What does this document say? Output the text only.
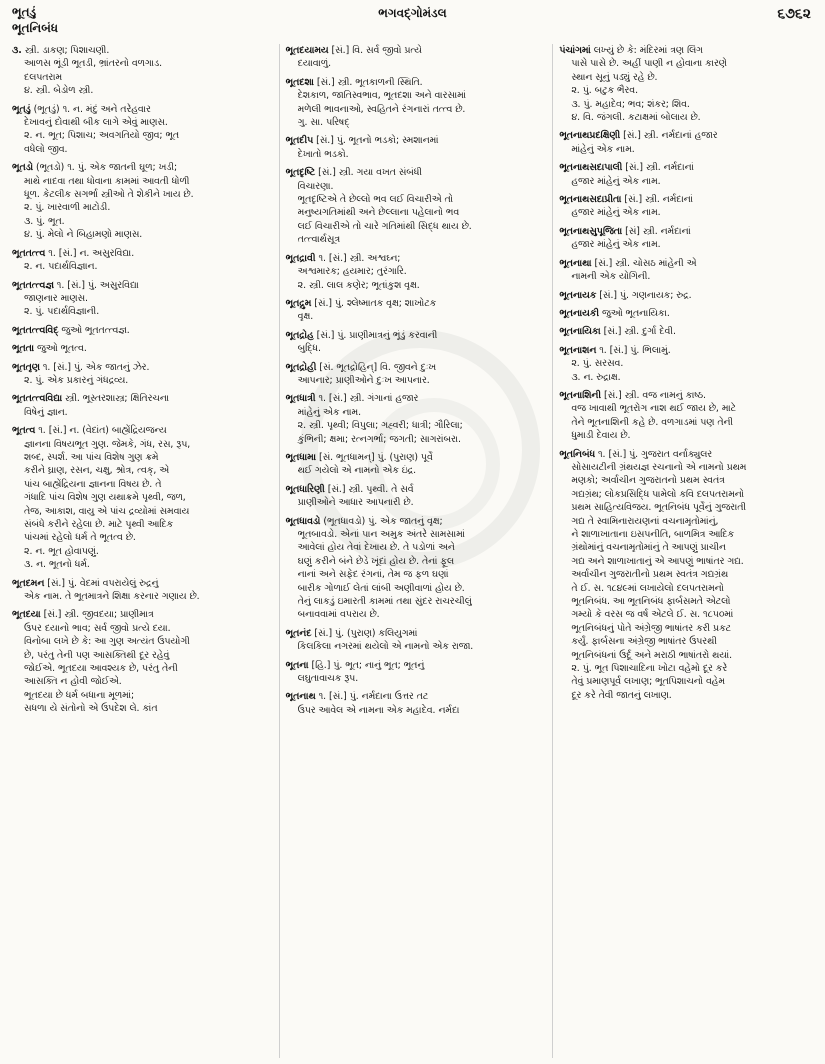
ભૂતડું
ભૂતનિબંધ
ભગવદ્ગોમંડલ	૬૭૬૨
૩. સ્ત્રી. ડાકણ; પિશાચણી.
આળસ ભૂંડી ભૂતડી, ભ્રાંતરનો વળગાડ.
દલપતરામ
૪. સ્ત્રી. બેડોળ સ્ત્રી.
ભૂતડું (ભૂતડું) ૧. ન. મંદું અને તરેહવાર
દેખાવનું દોવાથી બીક લાગે એવું માણસ.
૨. ન. ભૂત; પિશાચ; અવગતિયો જીવ; ભૂત
વધેલો જીવ.
ભૂતડો (ભૂતડો) ૧. પું. એક જાતની ઘૂળ; ખડી;
માથે નાદવા તથા ધોવાના કામમાં આવતી ધોળી
ધૂળ. કેટલીક સગર્ભા સ્ત્રીઓ તે શેકીને ખાય છે.
૨. પું. ખારવાળી માટોડી.
૩. પું. ભૂત.
૪. પું. મેલો ને બિહામણો માણસ.
ભૂતતત્ત્વ ૧. [સં.] ન. અસુરવિદ્યા.
૨. ન. પદાર્થવિજ્ઞાન.
ભૂતતત્ત્વજ્ઞ ૧. [સં.] પું. અસુરવિદ્યા
જાણનાર માણસ.
૨. પું. પદાર્થવિજ્ઞાની.
ભૂતતત્ત્વવિદ્ જુઓ ભૂતતત્ત્વજ્ઞ.
ભૂતતા જુઓ ભૂતત્વ.
ભૂતતૃણ ૧. [સં.] પું. એક જાતનું ઝેર.
૨. પું. એક પ્રકારનું ગંધદ્રવ્ય.
ભૂતતત્ત્વવિદ્યા સ્ત્રી. ભૂસ્તરશાસ્ત્ર; ક્ષિતિરચના
વિષેનું જ્ઞાન.
ભૂતત્વ ૧. [સં.] ન. (વેદાંત) બાહ્યેંદ્રિયજન્ય
જ્ઞાનના વિષયભૂત ગુણ. જેમકે, ગંધ, રસ, રૂપ,
શબ્દ, સ્પર્શ. આ પાંચ વિશેષ ગુણ ક્રમે
કરીને ઘ્રાણ, રસન, ચક્ષુ, શ્રોત્ર, ત્વક્, એ
પાંચ બાહ્યેંદ્રિયના જ્ઞાનના વિષય છે. તે
ગંધાદિ પાંચ વિશેષ ગુણ યથાક્રમે પૃથ્વી, જળ,
તેજ, આકાશ, વાયુ એ પાંચ દ્રવ્યોમાં સમવાય
સંબંધે કરીને રહેલા છે. માટે પૃથ્વી આદિક
પાંચમાં રહેલો ધર્મ તે ભૂતત્વ છે.
૨. ન. ભૂત હોવાપણું.
૩. ન. ભૂતનો ધર્મ.
ભૂતદમન [સં.] પું. વેદમાં વપરાયેલું રુદ્રનું
એક નામ. તે ભૂતમાત્રને શિક્ષા કરનાર ગણાય છે.
ભૂતદયા [સં.] સ્ત્રી. જીવદયા; પ્રાણીમાત્ર
ઉપર દયાનો ભાવ; સર્વ જીવો પ્રત્યે દયા.
વિનોબા લખે છે કે: આ ગુણ અત્યંત ઉપયોગી
છે, પરંતુ તેની પણ આસક્તિથી દૂર રહેવું
જોઈએ. ભૂતદયા આવશ્યક છે, પરંતુ તેની
આસક્તિ ન હોવી જોઈએ.
ભૂતદયા છે ધર્મ બધાના મૂળમાં;
સધળા યે સંતોનો એ ઉપદેશ લે. કાંત
ભૂતદયામય [સં.] વિ. સર્વ જીવો પ્રત્યે
દયાવાળું.
ભૂતદશા [સં.] સ્ત્રી. ભૂતકાળની સ્થિતિ.
દેશકાળ, જાતિસ્વભાવ, ભૂતદશા અને વારસામાં
મળેલી ભાવનાઓ, સ્વહિતને રંગનારાં તત્ત્વ છે.
ગુ. સા. પરિષદ્
ભૂતદીપ [સં.] પું. ભૂતનો ભડકો; સ્મશાનમાં
દેખાતો ભડકો.
ભૂતદૃષ્ટિ [સં.] સ્ત્રી. ગયા વખત સંબંધી
વિચારણા.
ભૂતદૃષ્ટિએ તે છેલ્લો ભવ લઈ વિચારીએ તો
મનુષ્યગતિમાંથી અને છેલ્લાના પહેલાનો ભવ
લઈ વિચારીએ તો ચારે ગતિમાંથી સિદ્ધ થાય છે.
તત્ત્વાર્થસૂત્ર
ભૂતદ્રાવી ૧. [સં.] સ્ત્રી. અશ્વઘ્ન;
અશ્વમારક; હયમાર; તુરંગારિ.
૨. સ્ત્રી. લાલ કણેર; ભૂતાંકુશ વૃક્ષ.
ભૂતદ્રુમ [સં.] પું. શ્લેષ્માતક વૃક્ષ; શાખોટક
વૃક્ષ.
ભૂતદ્રોહ [સં.] પું. પ્રાણીમાત્રનું ભૂંડું કરવાની
બુદ્ધિ.
ભૂતદ્રોહી [સં. ભૂતદ્રોહિન્] વિ. જીવને દુઃખ
આપનાર; પ્રાણીઓને દુઃખ આપનાર.
ભૂતધાત્રી ૧. [સં.] સ્ત્રી. ગંગાનાં હજાર
માંહેનું એક નામ.
૨. સ્ત્રી. પૃથ્વી; વિપુલા; ગહ્વરી; ધાત્રી; ગૌરિલા;
કુંભિની; ક્ષમા; રત્નગર્ભા; જગતી; સાગરાંબરા.
ભૂતધામા [સં. ભૂતધામન્] પું. (પુરાણ) પૂર્વે
થઈ ગયેલો એ નામનો એક ઇંદ્ર.
ભૂતધારિણી [સં.] સ્ત્રી. પૃથ્વી. તે સર્વ
પ્રાણીઓને આધાર આપનારી છે.
ભૂતધાવડો (ભૂતધાવડો) પું. એક જાતનું વૃક્ષ;
ભૂતબાવડો. એનાં પાન અમુક અંતરે સામસામાં
આવેલાં હોય તેવાં દેખાય છે. તે પડોળાં અને
ઘણું કરીને બંને છેડે ખૂંદાં હોય છે. તેનાં ફૂલ
નાનાં અને સફેદ રંગનાં, તેમ જ ફળ ઘણાં
બારીક ગોળાઈ લેતાં લાંબી અણીવાળાં હોય છે.
તેનું લાકડું ઇમારતી કામમાં તથા સુંદર રાચરચીલું
બનાવવામાં વપરાય છે.
ભૂતનંદ [સં.] પું. (પુરાણ) કલિયુગમાં
કિલકિલા નગરમાં થયેલો એ નામનો એક રાજા.
ભૂતના [હિ.] પું. ભૂત; નાનું ભૂત; ભૂતનું
લઘુતાવાચક રૂપ.
ભૂતનાથ ૧. [સં.] પું. નર્મદાના ઉત્તર તટ
ઉપર આવેલ એ નામના એક મહાદેવ. નર્મદા
પંચાંગમાં લખ્યું છે કે: મંદિરમાં ત્રણ લિંગ
પાસે પાસે છે. અહીં પાણી ન હોવાના કારણે
સ્થાન સૂનું પડ્યું રહે છે.
૨. પું. બટુક ભૈરવ.
૩. પું. મહાદેવ; ભવ; શંકર; શિવ.
૪. વિ. જંગલી. કટાક્ષમાં બોલાય છે.
ભૂતનાથપ્રદક્ષિણી [સં.] સ્ત્રી. નર્મદાનાં હજાર
માંહેનું એક નામ.
ભૂતનાથસદાપાલી [સં.] સ્ત્રી. નર્મદાનાં
હજાર માંહેનું એક નામ.
ભૂતનાથસદાપ્રીતા [સં.] સ્ત્રી. નર્મદાનાં
હજાર માંહેનું એક નામ.
ભૂતનાથસુપૂજિતા [સં] સ્ત્રી. નર્મદાનાં
હજાર માંહેનું એક નામ.
ભૂતનાથા [સં.] સ્ત્રી. ચોસઠ માંહેની એ
નામની એક યોગિની.
ભૂતનાયક [સં.] પું. ગણનાયક; રુદ્ર.
ભૂતનાયકી જુઓ ભૂતનાયિકા.
ભૂતનાયિકા [સં.] સ્ત્રી. દુર્ગા દેવી.
ભૂતનાશન ૧. [સં.] પું. ભિલામું.
૨. પું. સરસવ.
૩. ન. રુદ્રાક્ષ.
ભૂતનાશિની [સં.] સ્ત્રી. વજ નામનું કાષ્ઠ.
વજ ખાવાથી ભૂતરોગ નાશ થઈ જાય છે, માટે
તેને ભૂતનાશિની કહે છે. વળગાડમાં પણ તેની
ધુમાડી દેવાય છે.
ભૂતનિબંધ ૧. [સં.] પું. ગુજરાત વર્નાક્યુલર
સોસાયટીની ગ્રંથયજ્ઞ રચનાનો એ નામનો પ્રથમ
મણકો; અર્વાચીન ગુજરાતનો પ્રથમ સ્વતંત્ર
ગદ્યગ્રંથ; લોકપ્રસિદ્ધિ પામેલો કવિ દલપતરામનો
પ્રથમ સાહિત્યવિજય. ભૂતનિબંધ પૂર્વેનું ગુજરાતી
ગદ્ય તે સ્વામિનારાયણનાં વચનામૃતોમાંનું,
ને શાળાખાતાના ઇસપનીતિ, બાળમિત્ર આદિક
ગ્રંથોમાંનું વચનામૃતોમાંનું તે આપણું પ્રાચીન
ગદ્ય અને શાળાખાતાનું એ આપણું ભાષાંતર ગદ્ય.
અર્વાચીન ગુજરાતીનો પ્રથમ સ્વતંત્ર ગદ્યગ્રંથ
તે ઈ. સ. ૧૮૪૯માં લખાયેલો દલપતરામનો
ભૂતનિબંધ. આ ભૂતનિબંધ ફાર્બસમતે એટલો
ગમ્યો કે વરસ જ વર્ષ એટલે ઈ. સ. ૧૮૫૦માં
ભૂતનિબંધનું પોતે અંગ્રેજી ભાષાંતર કરી પ્રકટ
કર્યું. ફાર્બસના અંગ્રેજી ભાષાંતર ઉપરથી
ભૂતનિબંધનાં ઉર્દૂ અને મરાઠી ભાષાંતરો થયાં.
૨. પું. ભૂત પિશાચાદિના ખોટા વહેમો દૂર કરે
તેવું પ્રમાણપૂર્વ લખાણ; ભૂતપિશાચનો વહેમ
દૂર કરે તેવી જાતનું લખાણ.
